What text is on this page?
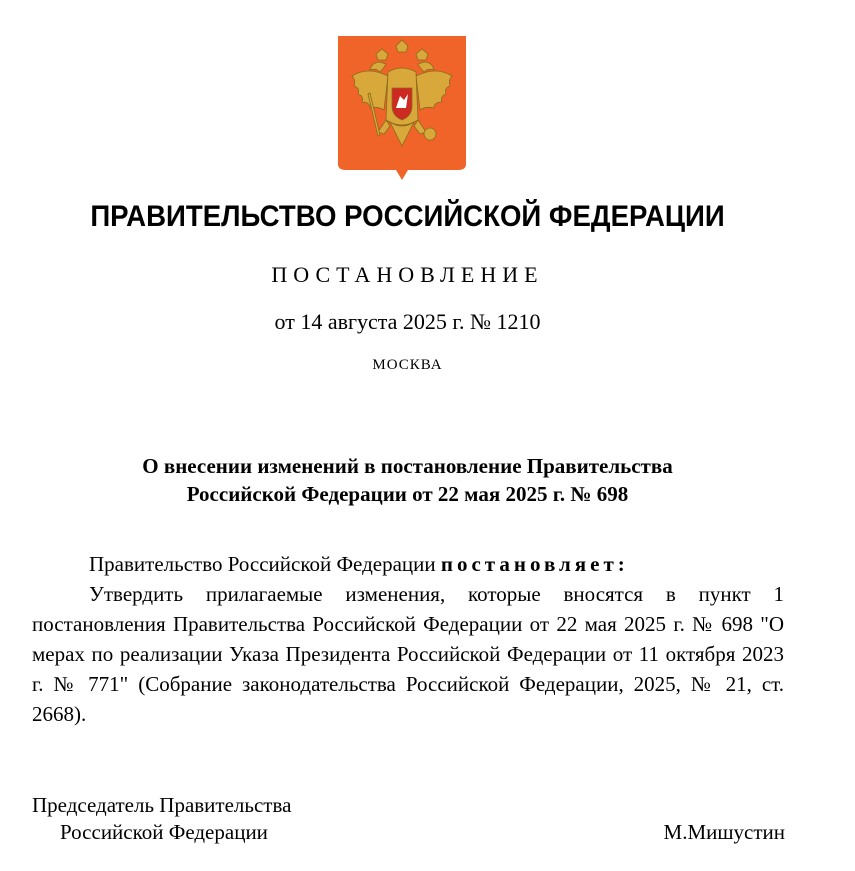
ПРАВИТЕЛЬСТВО РОССИЙСКОЙ ФЕДЕРАЦИИ
ПОСТАНОВЛЕНИЕ
от 14 августа 2025 г. № 1210
МОСКВА
О внесении изменений в постановление Правительства
Российской Федерации от 22 мая 2025 г. № 698

Правительство Российской Федерации постановляет:

Утвердить прилагаемые изменения, которые вносятся в пункт 1 постановления Правительства Российской Федерации от 22 мая 2025 г. № 698 "О мерах по реализации Указа Президента Российской Федерации от 11 октября 2023 г. № 771" (Собрание законодательства Российской Федерации, 2025, № 21, ст. 2668).

Председатель Правительства
Российской Федерации	М.Мишустин
